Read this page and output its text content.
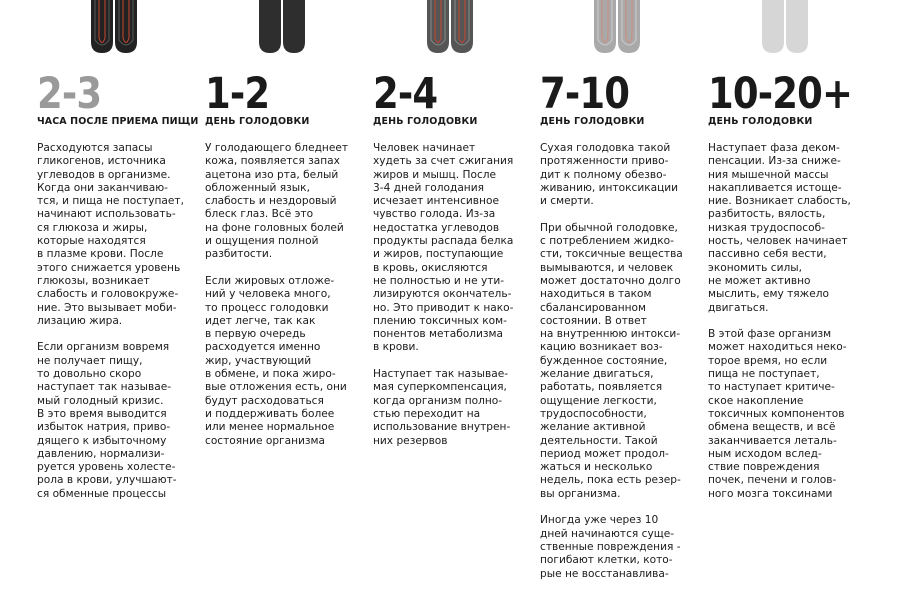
2-3
ЧАСА ПОСЛЕ ПРИЕМА ПИЩИ

Расходуются запасы
гликогенов, источника
углеводов в организме.
Когда они заканчиваю-
тся, и пища не поступает,
начинают использовать-
ся глюкоза и жиры,
которые находятся
в плазме крови. После
этого снижается уровень
глюкозы, возникает
слабость и головокруже-
ние. Это вызывает моби-
лизацию жира.

Если организм вовремя
не получает пищу,
то довольно скоро
наступает так называе-
мый голодный кризис.
В это время выводится
избыток натрия, приво-
дящего к избыточному
давлению, нормализи-
руется уровень холесте-
рола в крови, улучшают-
ся обменные процессы

1-2
ДЕНЬ ГОЛОДОВКИ

У голодающего бледнеет
кожа, появляется запах
ацетона изо рта, белый
обложенный язык,
слабость и нездоровый
блеск глаз. Всё это
на фоне головных болей
и ощущения полной
разбитости.

Если жировых отложе-
ний у человека много,
то процесс голодовки
идет легче, так как
в первую очередь
расходуется именно
жир, участвующий
в обмене, и пока жиро-
вые отложения есть, они
будут расходоваться
и поддерживать более
или менее нормальное
состояние организма

2-4
ДЕНЬ ГОЛОДОВКИ

Человек начинает
худеть за счет сжигания
жиров и мышц. После
3-4 дней голодания
исчезает интенсивное
чувство голода. Из-за
недостатка углеводов
продукты распада белка
и жиров, поступающие
в кровь, окисляются
не полностью и не ути-
лизируются окончатель-
но. Это приводит к нако-
плению токсичных ком-
понентов метаболизма
в крови.

Наступает так называе-
мая суперкомпенсация,
когда организм полно-
стью переходит на
использование внутрен-
них резервов

7-10
ДЕНЬ ГОЛОДОВКИ

Сухая голодовка такой
протяженности приво-
дит к полному обезво-
живанию, интоксикации
и смерти.

При обычной голодовке,
с потреблением жидко-
сти, токсичные вещества
вымываются, и человек
может достаточно долго
находиться в таком
сбалансированном
состоянии. В ответ
на внутреннюю интокси-
кацию возникает воз-
бужденное состояние,
желание двигаться,
работать, появляется
ощущение легкости,
трудоспособности,
желание активной
деятельности. Такой
период может продол-
жаться и несколько
недель, пока есть резер-
вы организма.

Иногда уже через 10
дней начинаются суще-
ственные повреждения -
погибают клетки, кото-
рые не восстанавлива-

10-20+
ДЕНЬ ГОЛОДОВКИ

Наступает фаза деком-
пенсации. Из-за сниже-
ния мышечной массы
накапливается истоще-
ние. Возникает слабость,
разбитость, вялость,
низкая трудоспособ-
ность, человек начинает
пассивно себя вести,
экономить силы,
не может активно
мыслить, ему тяжело
двигаться.

В этой фазе организм
может находиться неко-
торое время, но если
пища не поступает,
то наступает критиче-
ское накопление
токсичных компонентов
обмена веществ, и всё
заканчивается леталь-
ным исходом вслед-
ствие повреждения
почек, печени и голов-
ного мозга токсинами
